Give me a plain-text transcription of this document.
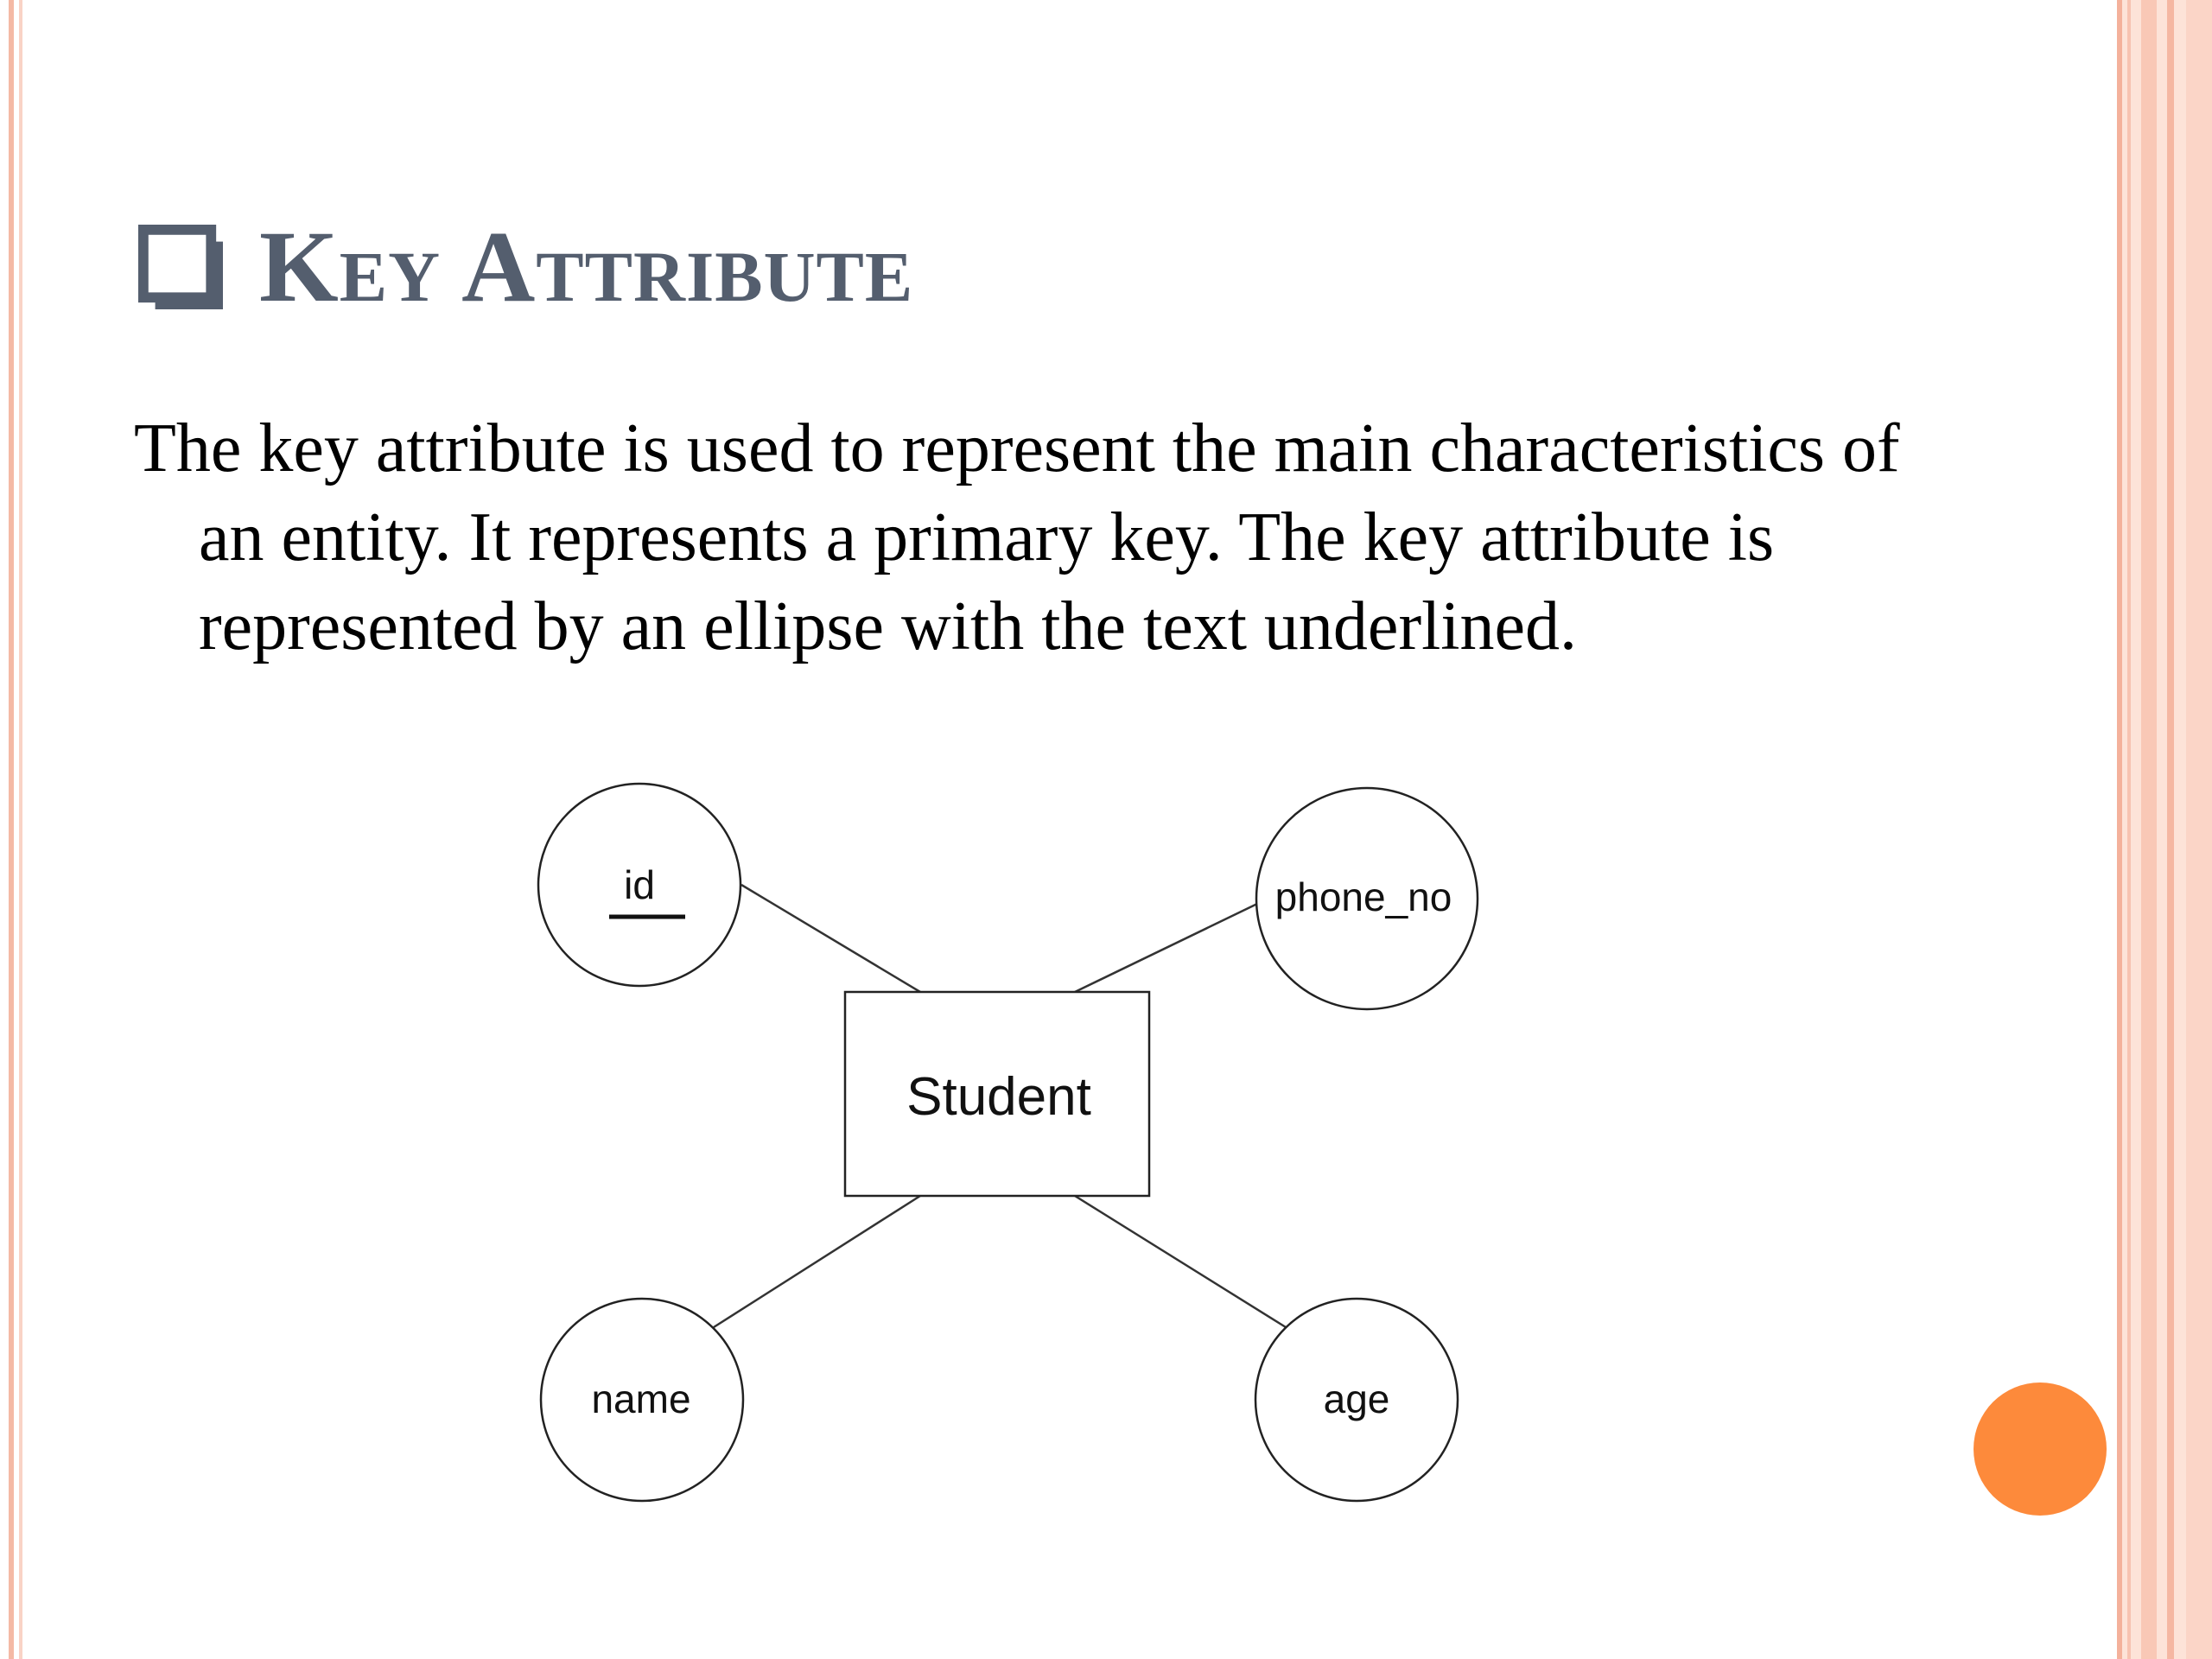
Key Attribute
The key attribute is used to represent the main characteristics of an entity. It represents a primary key. The key attribute is represented by an ellipse with the text underlined.
Student
id	phone_no
name	age
